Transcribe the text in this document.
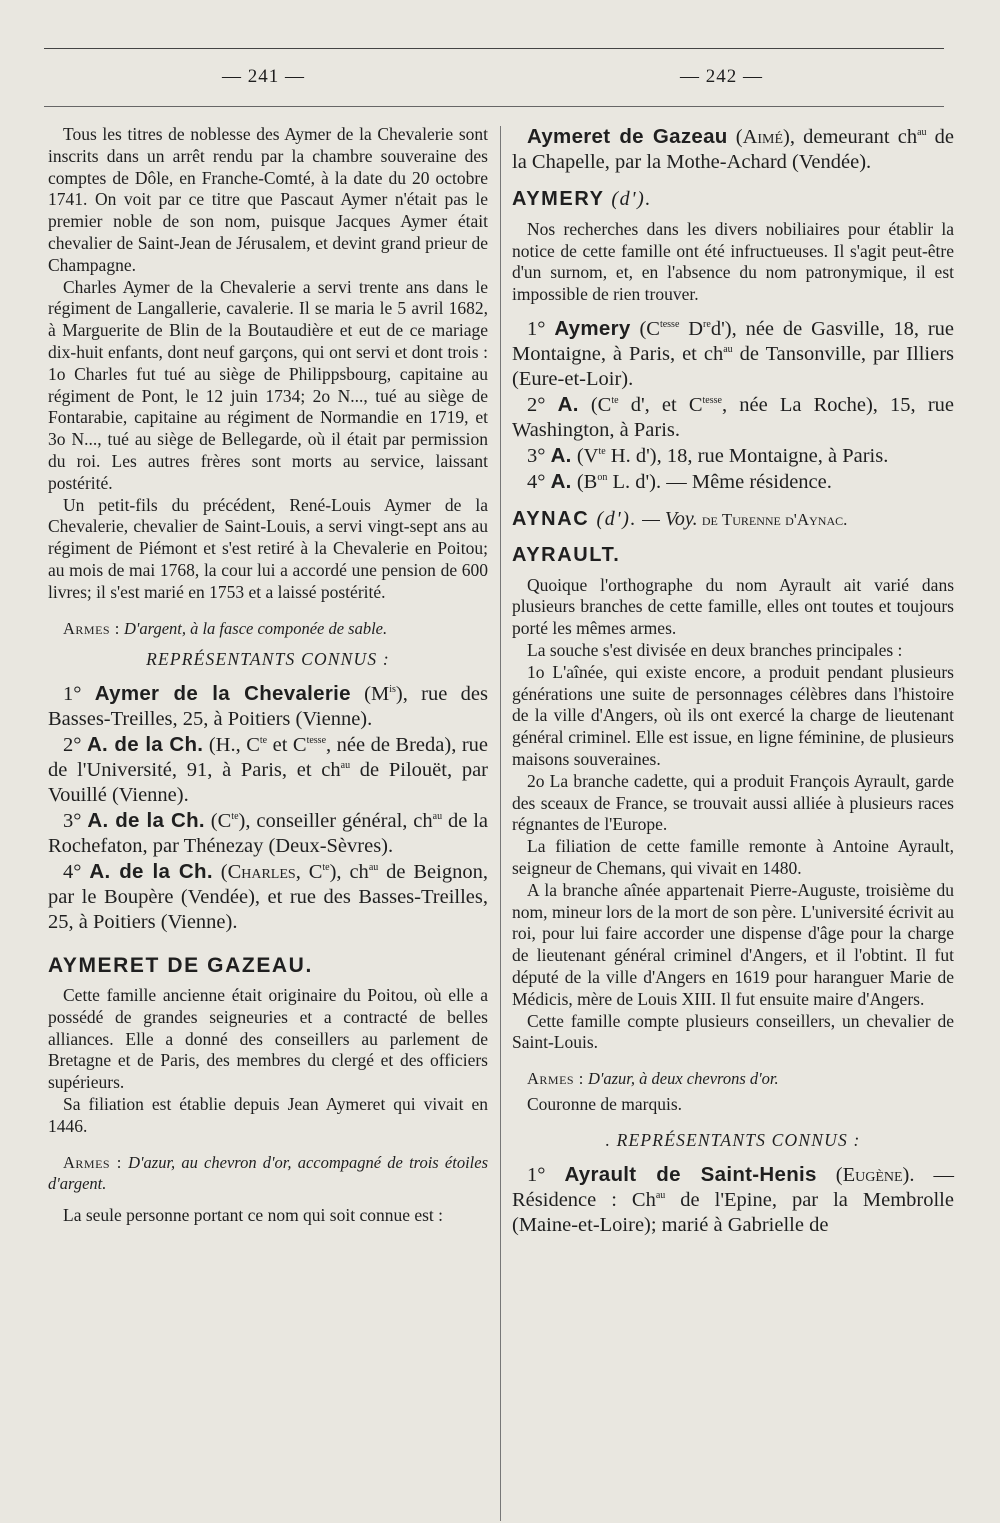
— 241 —	— 242 —

Tous les titres de noblesse des Aymer de la Chevalerie sont inscrits dans un arrêt rendu par la chambre souveraine des comptes de Dôle, en Franche-Comté, à la date du 20 octobre 1741. On voit par ce titre que Pascaut Aymer n'était pas le premier noble de son nom, puisque Jacques Aymer était chevalier de Saint-Jean de Jérusalem, et devint grand prieur de Champagne.

Charles Aymer de la Chevalerie a servi trente ans dans le régiment de Langallerie, cavalerie. Il se maria le 5 avril 1682, à Marguerite de Blin de la Boutaudière et eut de ce mariage dix-huit enfants, dont neuf garçons, qui ont servi et dont trois : 1o Charles fut tué au siège de Philippsbourg, capitaine au régiment de Pont, le 12 juin 1734; 2o N..., tué au siège de Fontarabie, capitaine au régiment de Normandie en 1719, et 3o N..., tué au siège de Bellegarde, où il était par permission du roi. Les autres frères sont morts au service, laissant postérité.

Un petit-fils du précédent, René-Louis Aymer de la Chevalerie, chevalier de Saint-Louis, a servi vingt-sept ans au régiment de Piémont et s'est retiré à la Chevalerie en Poitou; au mois de mai 1768, la cour lui a accordé une pension de 600 livres; il s'est marié en 1753 et a laissé postérité.

Armes : D'argent, à la fasce componée de sable.

REPRÉSENTANTS CONNUS :

1° Aymer de la Chevalerie $(M^{is})$, rue des Basses-Treilles, 25, à Poitiers (Vienne).

2° A. de la Ch. (H., $C^{te}$ et $C^{tesse}$, née de Breda), rue de l'Université, 91, à Paris, et $ch^{au}$ de Pilouët, par Vouillé (Vienne).

3° A. de la Ch. $(C^{te})$, conseiller général, $ch^{au}$ de la Rochefaton, par Thénezay (Deux-Sèvres).

4° A. de la Ch. (Charles, $C^{te}$), $ch^{au}$ de Beignon, par le Boupère (Vendée), et rue des Basses-Treilles, 25, à Poitiers (Vienne).

AYMERET DE GAZEAU.

Cette famille ancienne était originaire du Poitou, où elle a possédé de grandes seigneuries et a contracté de belles alliances. Elle a donné des conseillers au parlement de Bretagne et de Paris, des membres du clergé et des officiers supérieurs.

Sa filiation est établie depuis Jean Aymeret qui vivait en 1446.

Armes : D'azur, au chevron d'or, accompagné de trois étoiles d'argent.

La seule personne portant ce nom qui soit connue est :

Aymeret de Gazeau (Aimé), demeurant $ch^{au}$ de la Chapelle, par la Mothe-Achard (Vendée).

AYMERY (d').

Nos recherches dans les divers nobiliaires pour établir la notice de cette famille ont été infructueuses. Il s'agit peut-être d'un surnom, et, en l'absence du nom patronymique, il est impossible de rien trouver.

1° Aymery ($C^{tesse}$ Dred'), née de Gasville, 18, rue Montaigne, à Paris, et $ch^{au}$ de Tansonville, par Illiers (Eure-et-Loir).

2° A. ($C^{te}$ d', et $C^{tesse}$, née La Roche), 15, rue Washington, à Paris.

3° A. ($V^{te}$ H. d'), 18, rue Montaigne, à Paris.

4° A. ($B^{on}$ L. d'). — Même résidence.

AYNAC (d'). — Voy. de Turenne d'Aynac.
AYRAULT.

Quoique l'orthographe du nom Ayrault ait varié dans plusieurs branches de cette famille, elles ont toutes et toujours porté les mêmes armes.

La souche s'est divisée en deux branches principales :

1o L'aînée, qui existe encore, a produit pendant plusieurs générations une suite de personnages célèbres dans l'histoire de la ville d'Angers, où ils ont exercé la charge de lieutenant général criminel. Elle est issue, en ligne féminine, de plusieurs maisons souveraines.

2o La branche cadette, qui a produit François Ayrault, garde des sceaux de France, se trouvait aussi alliée à plusieurs races régnantes de l'Europe.

La filiation de cette famille remonte à Antoine Ayrault, seigneur de Chemans, qui vivait en 1480.

A la branche aînée appartenait Pierre-Auguste, troisième du nom, mineur lors de la mort de son père. L'université écrivit au roi, pour lui faire accorder une dispense d'âge pour la charge de lieutenant général criminel d'Angers, et il l'obtint. Il fut député de la ville d'Angers en 1619 pour haranguer Marie de Médicis, mère de Louis XIII. Il fut ensuite maire d'Angers.

Cette famille compte plusieurs conseillers, un chevalier de Saint-Louis.

Armes : D'azur, à deux chevrons d'or.

Couronne de marquis.

. REPRÉSENTANTS CONNUS :

1° Ayrault de Saint-Henis (Eugène). — Résidence : $Ch^{au}$ de l'Epine, par la Membrolle (Maine-et-Loire); marié à Gabrielle de
